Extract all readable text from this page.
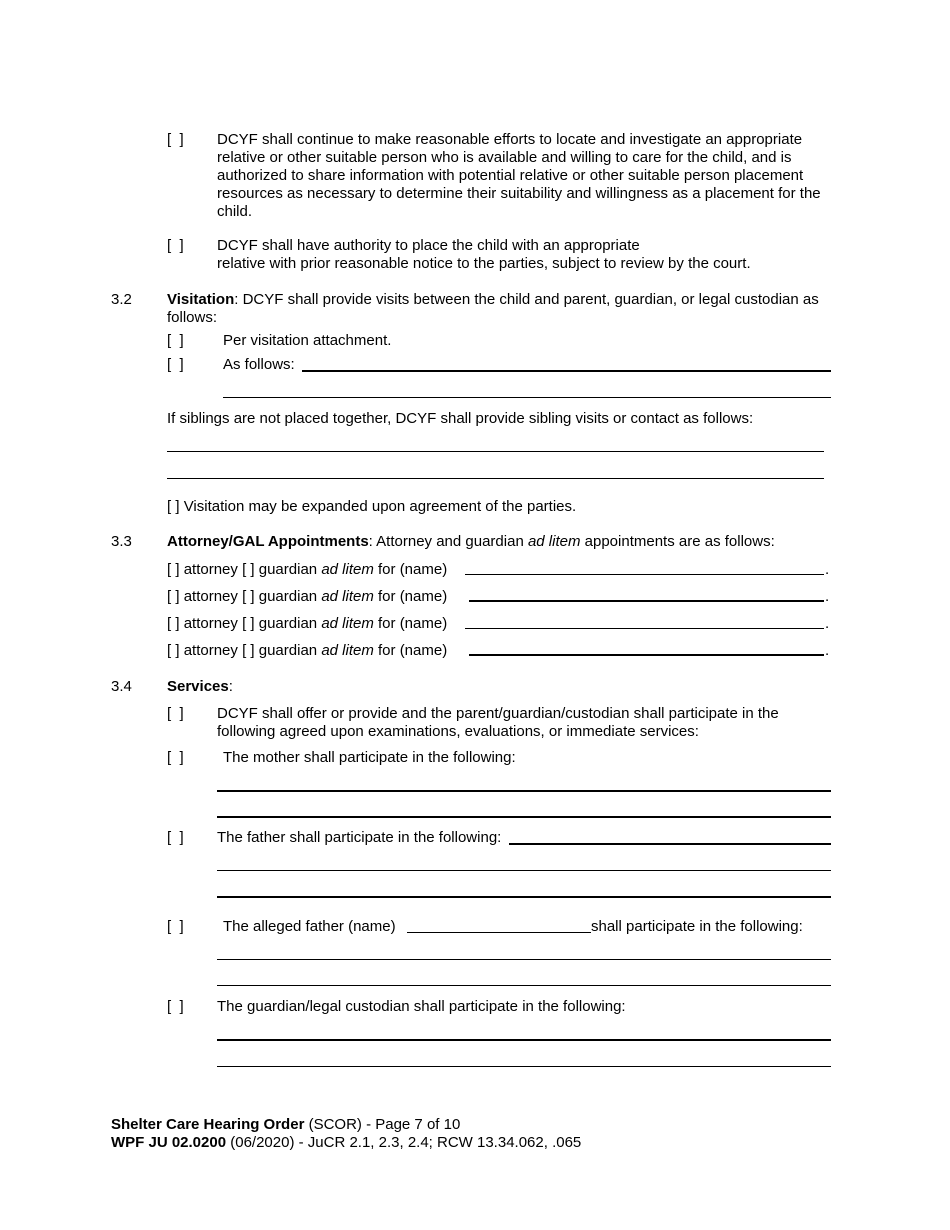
[  ] DCYF shall continue to make reasonable efforts to locate and investigate an appropriate relative or other suitable person who is available and willing to care for the child, and is authorized to share information with potential relative or other suitable person placement resources as necessary to determine their suitability and willingness as a placement for the child.
[  ] DCYF shall have authority to place the child with an appropriate
relative with prior reasonable notice to the parties, subject to review by the court.
3.2 Visitation: DCYF shall provide visits between the child and parent, guardian, or legal custodian as follows:
[  ]	Per visitation attachment.
[  ]	As follows:
If siblings are not placed together, DCYF shall provide sibling visits or contact as follows:
[ ] Visitation may be expanded upon agreement of the parties.
3.3 Attorney/GAL Appointments: Attorney and guardian ad litem appointments are as follows:
[ ] attorney [ ] guardian ad litem for (name)	.
[ ] attorney [ ] guardian ad litem for (name)	.
[ ] attorney [ ] guardian ad litem for (name)	.
[ ] attorney [ ] guardian ad litem for (name)	.
3.4 Services:
[  ] DCYF shall offer or provide and the parent/guardian/custodian shall participate in the following agreed upon examinations, evaluations, or immediate services:
[  ]	The mother shall participate in the following:
[  ] The father shall participate in the following:
[  ]	The alleged father (name)	shall participate in the following:
[  ] The guardian/legal custodian shall participate in the following:
Shelter Care Hearing Order (SCOR) - Page 7 of 10
WPF JU 02.0200 (06/2020) - JuCR 2.1, 2.3, 2.4; RCW 13.34.062, .065
